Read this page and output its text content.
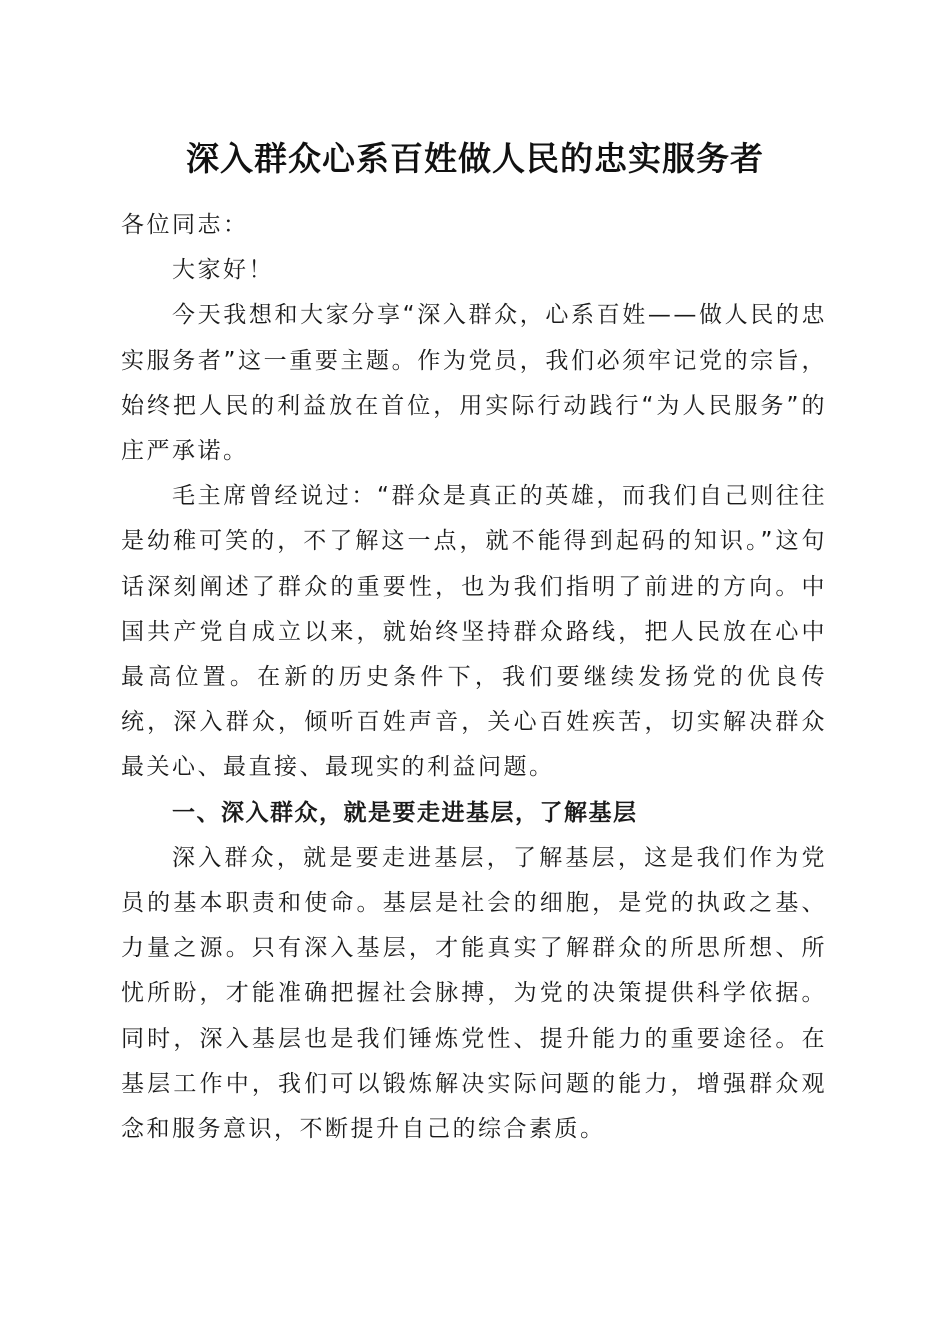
深入群众心系百姓做人民的忠实服务者

各位同志：

大家好！

今天我想和大家分享“深入群众，心系百姓——做人民的忠实服务者”这一重要主题。作为党员，我们必须牢记党的宗旨，始终把人民的利益放在首位，用实际行动践行“为人民服务”的庄严承诺。

毛主席曾经说过：“群众是真正的英雄，而我们自己则往往是幼稚可笑的，不了解这一点，就不能得到起码的知识。”这句话深刻阐述了群众的重要性，也为我们指明了前进的方向。中国共产党自成立以来，就始终坚持群众路线，把人民放在心中最高位置。在新的历史条件下，我们要继续发扬党的优良传统，深入群众，倾听百姓声音，关心百姓疾苦，切实解决群众最关心、最直接、最现实的利益问题。

一、深入群众，就是要走进基层，了解基层

深入群众，就是要走进基层，了解基层，这是我们作为党员的基本职责和使命。基层是社会的细胞，是党的执政之基、力量之源。只有深入基层，才能真实了解群众的所思所想、所忧所盼，才能准确把握社会脉搏，为党的决策提供科学依据。同时，深入基层也是我们锤炼党性、提升能力的重要途径。在基层工作中，我们可以锻炼解决实际问题的能力，增强群众观念和服务意识，不断提升自己的综合素质。
